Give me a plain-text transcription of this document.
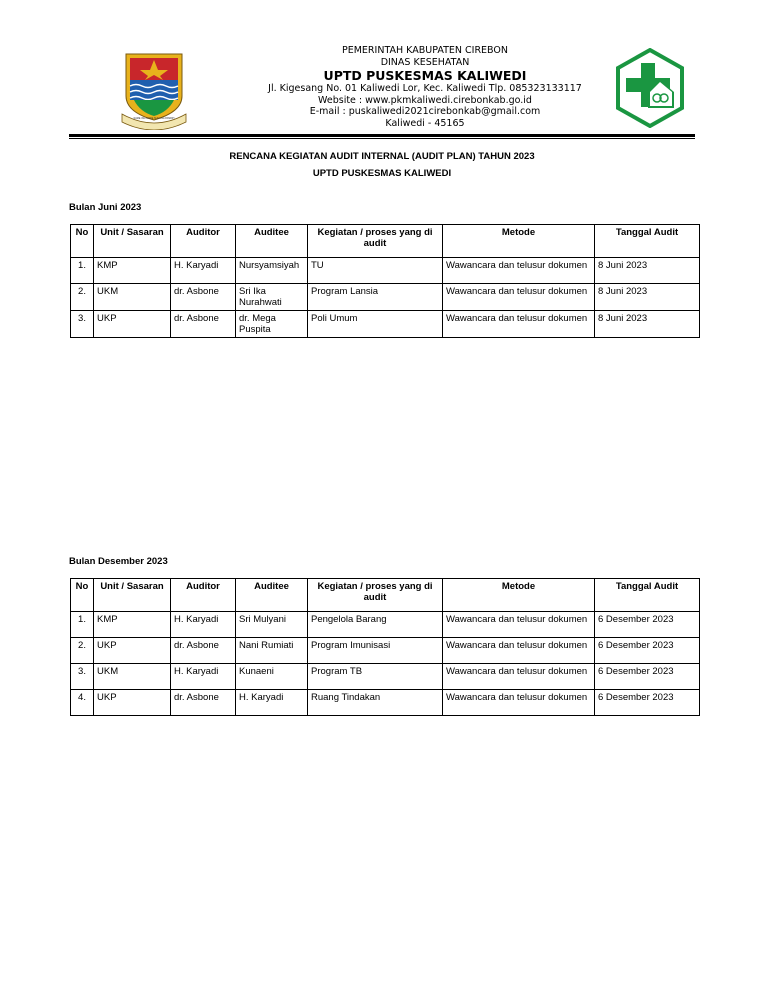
RAME ING GAWE SUCI ING PAMRIH
PEMERINTAH KABUPATEN CIREBON
DINAS KESEHATAN
UPTD PUSKESMAS KALIWEDI
Jl. Kigesang No. 01 Kaliwedi Lor, Kec. Kaliwedi Tlp. 085323133117
Website : www.pkmkaliwedi.cirebonkab.go.id
E-mail : puskaliwedi2021cirebonkab@gmail.com
Kaliwedi - 45165
RENCANA KEGIATAN AUDIT INTERNAL (AUDIT PLAN) TAHUN 2023
UPTD PUSKESMAS KALIWEDI
Bulan Juni 2023
No	Unit / Sasaran	Auditor	Auditee	Kegiatan / proses yang di audit	Metode	Tanggal Audit
1.	KMP	H. Karyadi	Nursyamsiyah	TU	Wawancara dan telusur dokumen	8 Juni 2023
2.	UKM	dr. Asbone	Sri Ika Nurahwati	Program Lansia	Wawancara dan telusur dokumen	8 Juni 2023
3.	UKP	dr. Asbone	dr. Mega Puspita	Poli Umum	Wawancara dan telusur dokumen	8 Juni 2023
Bulan Desember 2023
No	Unit / Sasaran	Auditor	Auditee	Kegiatan / proses yang di audit	Metode	Tanggal Audit
1.	KMP	H. Karyadi	Sri Mulyani	Pengelola Barang	Wawancara dan telusur dokumen	6 Desember 2023
2.	UKP	dr. Asbone	Nani Rumiati	Program Imunisasi	Wawancara dan telusur dokumen	6 Desember 2023
3.	UKM	H. Karyadi	Kunaeni	Program TB	Wawancara dan telusur dokumen	6 Desember 2023
4.	UKP	dr. Asbone	H. Karyadi	Ruang Tindakan	Wawancara dan telusur dokumen	6 Desember 2023
